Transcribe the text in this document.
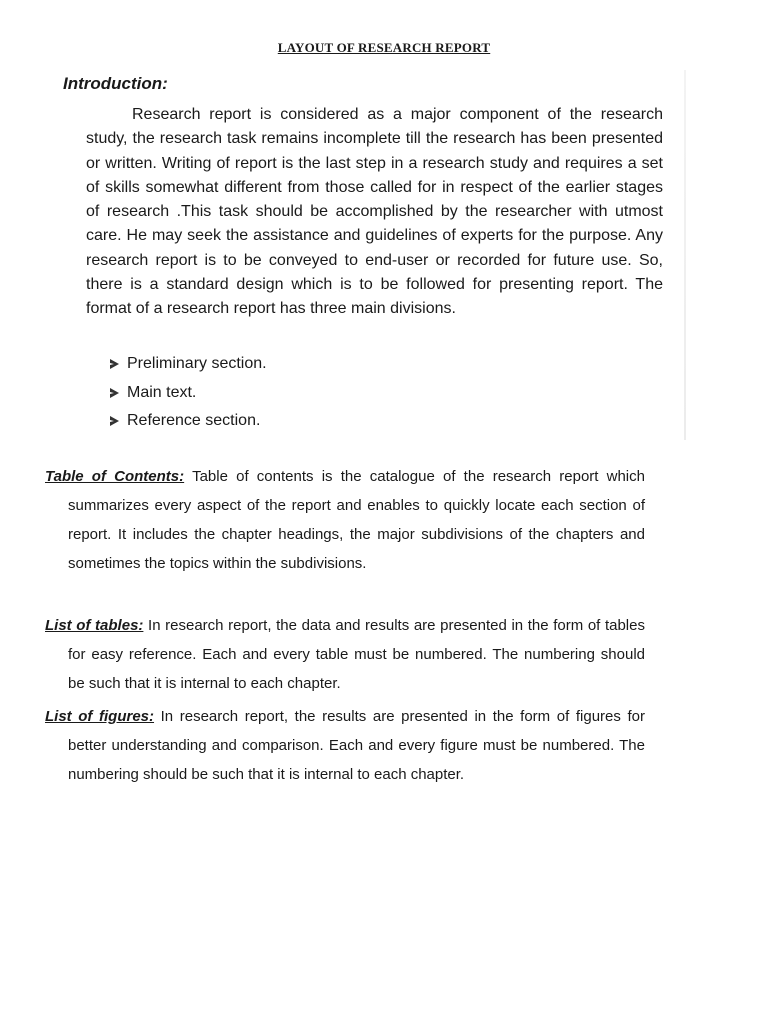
LAYOUT OF RESEARCH REPORT
Introduction:

Research report is considered as a major component of the research study, the research task remains incomplete till the research has been presented or written. Writing of report is the last step in a research study and requires a set of skills somewhat different from those called for in respect of the earlier stages of research .This task should be accomplished by the researcher with utmost care. He may seek the assistance and guidelines of experts for the purpose. Any research report is to be conveyed to end-user or recorded for future use. So, there is a standard design which is to be followed for presenting report. The format of a research report has three main divisions.

Preliminary section.
Main text.
Reference section.

Table of Contents: Table of contents is the catalogue of the research report which summarizes every aspect of the report and enables to quickly locate each section of report. It includes the chapter headings, the major subdivisions of the chapters and sometimes the topics within the subdivisions.

List of tables: In research report, the data and results are presented in the form of tables for easy reference. Each and every table must be numbered. The numbering should be such that it is internal to each chapter.

List of figures: In research report, the results are presented in the form of figures for better understanding and comparison. Each and every figure must be numbered. The numbering should be such that it is internal to each chapter.
